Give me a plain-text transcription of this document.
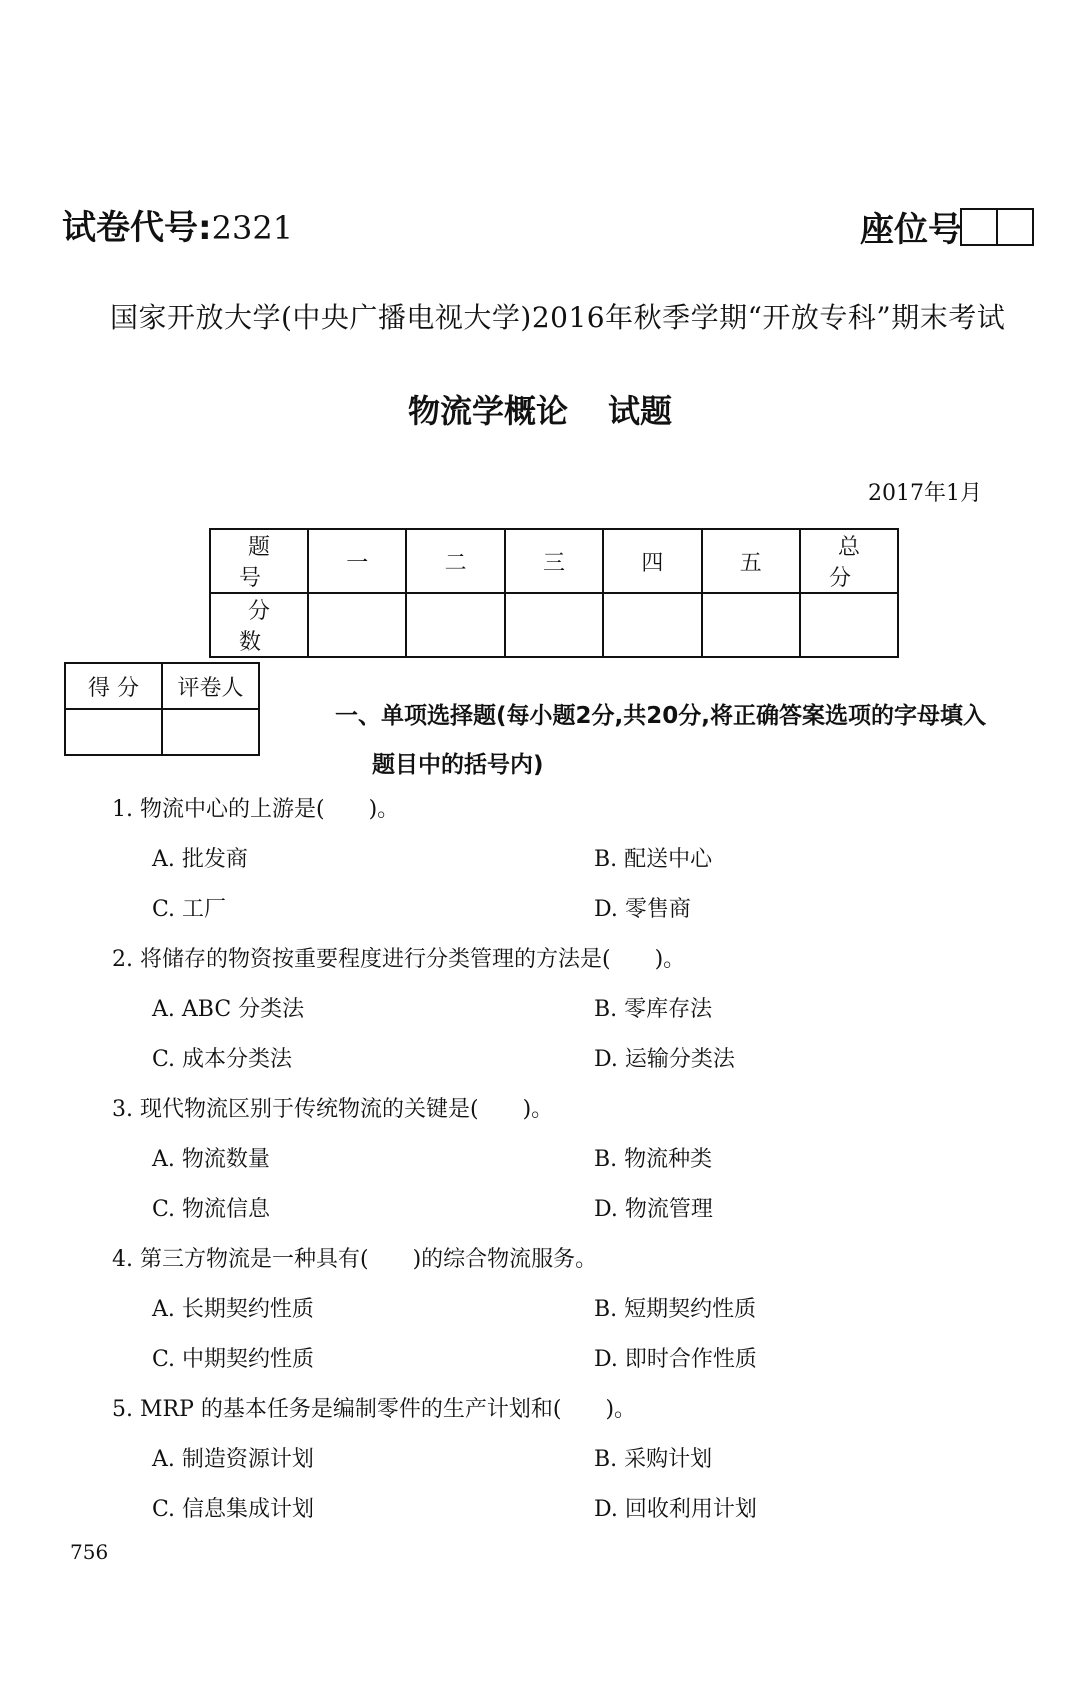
试卷代号:2321	座位号
国家开放大学(中央广播电视大学)2016年秋季学期“开放专科”期末考试
物流学概论 试题
2017年1月
题号	一	二	三	四	五	总分
分数						
得 分	评卷人

一、单项选择题(每小题2分,共20分,将正确答案选项的字母填入
题目中的括号内)
1. 物流中心的上游是(　　)。
A. 批发商	B. 配送中心
C. 工厂	D. 零售商
2. 将储存的物资按重要程度进行分类管理的方法是(　　)。
A. ABC 分类法	B. 零库存法
C. 成本分类法	D. 运输分类法
3. 现代物流区别于传统物流的关键是(　　)。
A. 物流数量	B. 物流种类
C. 物流信息	D. 物流管理
4. 第三方物流是一种具有(　　)的综合物流服务。
A. 长期契约性质	B. 短期契约性质
C. 中期契约性质	D. 即时合作性质
5. MRP 的基本任务是编制零件的生产计划和(　　)。
A. 制造资源计划	B. 采购计划
C. 信息集成计划	D. 回收利用计划
756
